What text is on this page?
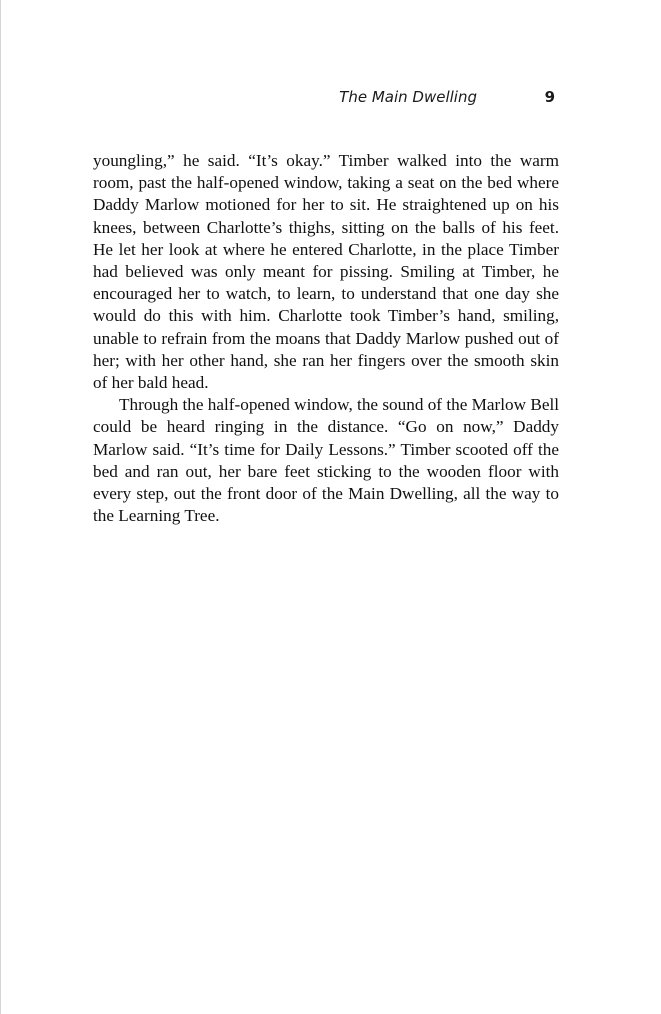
The Main Dwelling	9

youngling,” he said. “It’s okay.” Timber walked into the warm room, past the half-opened window, taking a seat on the bed where Daddy Marlow motioned for her to sit. He straightened up on his knees, between Charlotte’s thighs, sitting on the balls of his feet. He let her look at where he entered Charlotte, in the place Timber had believed was only meant for pissing. Smiling at Timber, he encouraged her to watch, to learn, to understand that one day she would do this with him. Charlotte took Timber’s hand, smiling, unable to refrain from the moans that Daddy Marlow pushed out of her; with her other hand, she ran her fingers over the smooth skin of her bald head.

Through the half-opened window, the sound of the Marlow Bell could be heard ringing in the distance. “Go on now,” Daddy Marlow said. “It’s time for Daily Lessons.” Timber scooted off the bed and ran out, her bare feet sticking to the wooden floor with every step, out the front door of the Main Dwelling, all the way to the Learning Tree.
